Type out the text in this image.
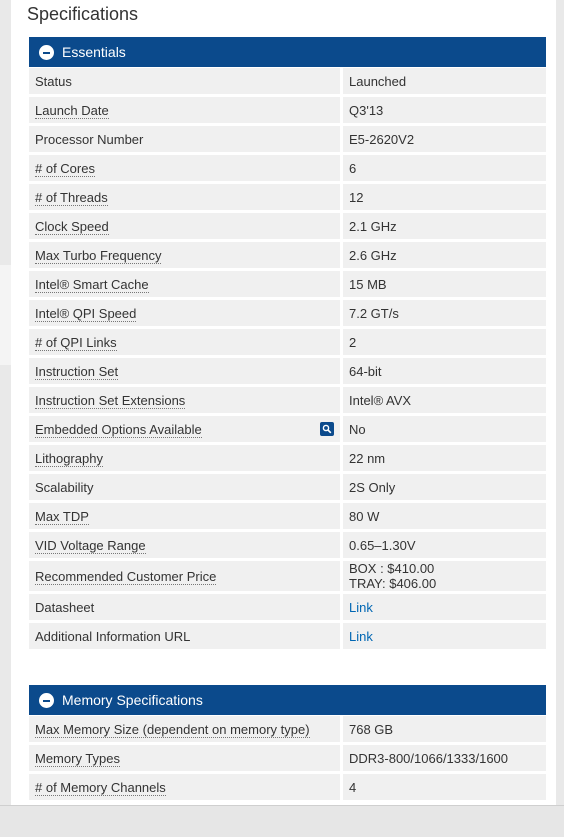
Specifications
Essentials
Status	Launched
Launch Date	Q3'13
Processor Number	E5-2620V2
# of Cores	6
# of Threads	12
Clock Speed	2.1 GHz
Max Turbo Frequency	2.6 GHz
Intel® Smart Cache	15 MB
Intel® QPI Speed	7.2 GT/s
# of QPI Links	2
Instruction Set	64-bit
Instruction Set Extensions	Intel® AVX
Embedded Options Available	No
Lithography	22 nm
Scalability	2S Only
Max TDP	80 W
VID Voltage Range	0.65–1.30V
Recommended Customer Price	BOX : $410.00
TRAY: $406.00

Datasheet	Link
Additional Information URL	Link
Memory Specifications
Max Memory Size (dependent on memory type)	768 GB
Memory Types	DDR3-800/1066/1333/1600
# of Memory Channels	4
